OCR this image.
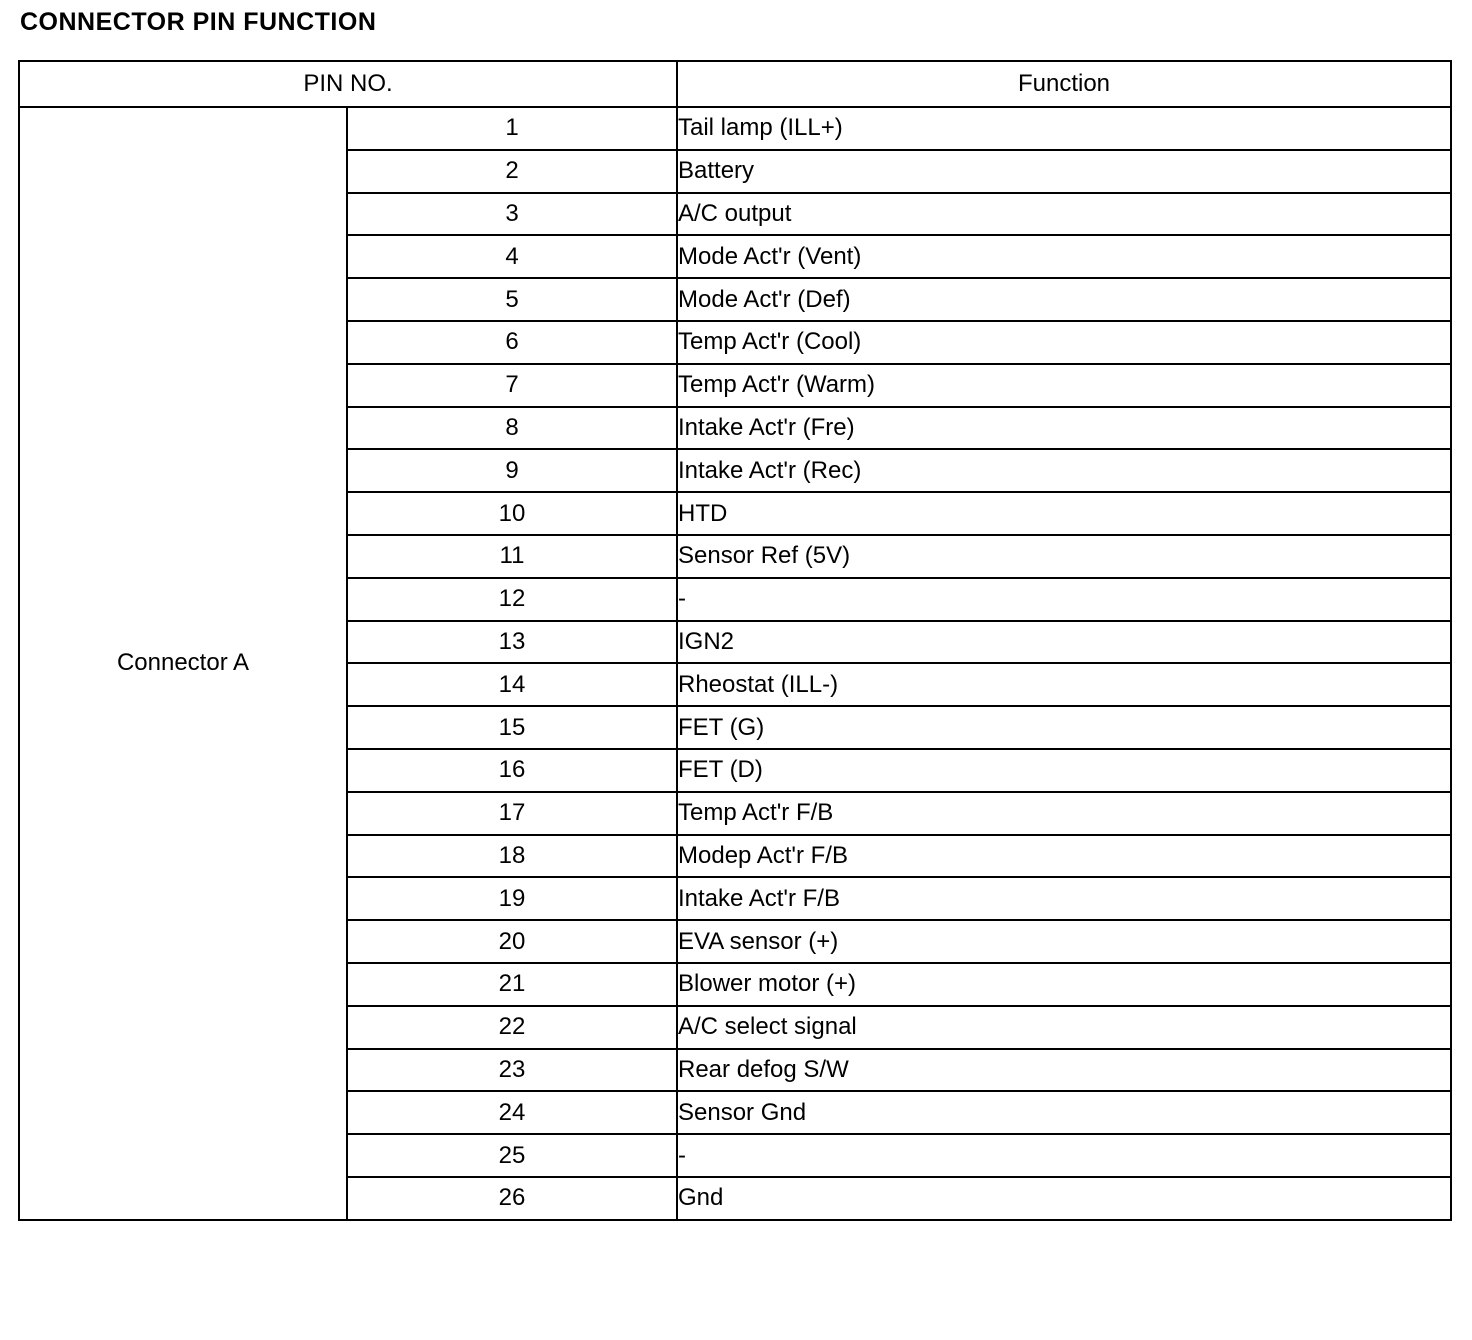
CONNECTOR PIN FUNCTION
PIN NO.		Function
Connector A	1	Tail lamp (ILL+)
	2	Battery
	3	A/C output
	4	Mode Act'r (Vent)
	5	Mode Act'r (Def)
	6	Temp Act'r (Cool)
	7	Temp Act'r (Warm)
	8	Intake Act'r (Fre)
	9	Intake Act'r (Rec)
	10	HTD
	11	Sensor Ref (5V)
	12	-
	13	IGN2
	14	Rheostat (ILL-)
	15	FET (G)
	16	FET (D)
	17	Temp Act'r F/B
	18	Modep Act'r F/B
	19	Intake Act'r F/B
	20	EVA sensor (+)
	21	Blower motor (+)
	22	A/C select signal
	23	Rear defog S/W
	24	Sensor Gnd
	25	-
	26	Gnd
